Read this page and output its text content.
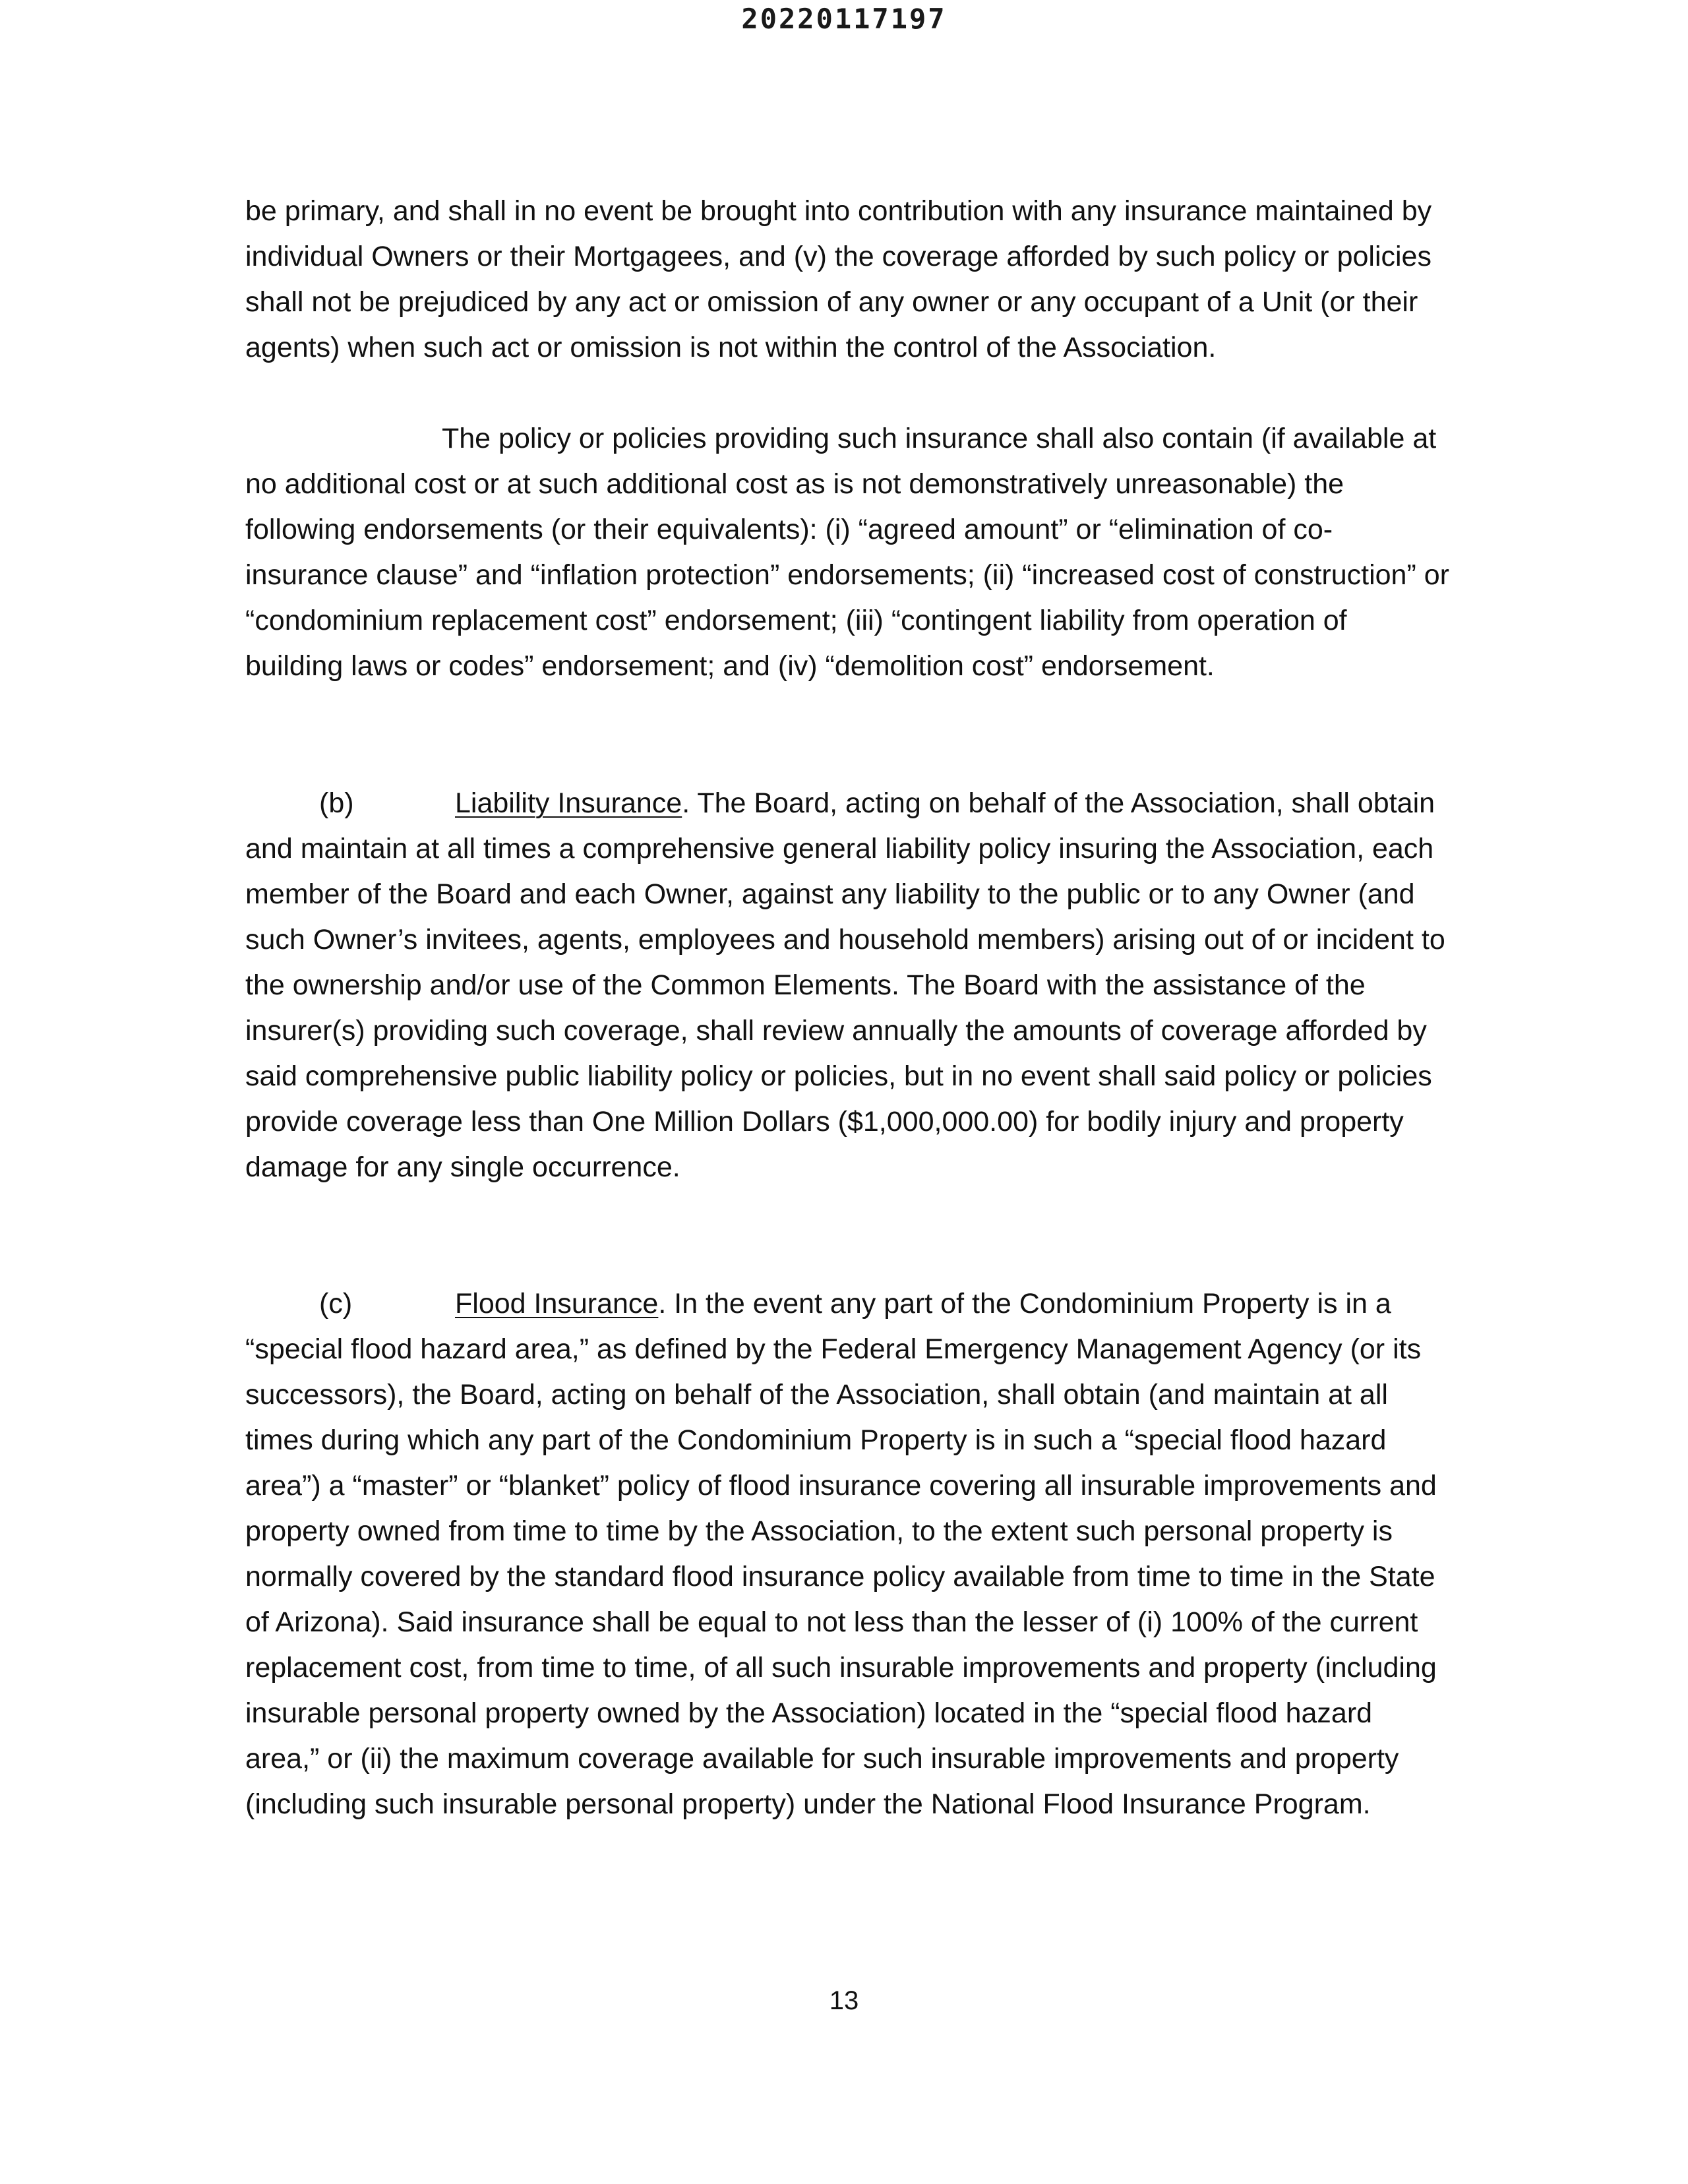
20220117197

be primary, and shall in no event be brought into contribution with any insurance maintained by individual Owners or their Mortgagees, and (v) the coverage afforded by such policy or policies shall not be prejudiced by any act or omission of any owner or any occupant of a Unit (or their agents) when such act or omission is not within the control of the Association.

The policy or policies providing such insurance shall also contain (if available at no additional cost or at such additional cost as is not demonstratively unreasonable) the following endorsements (or their equivalents): (i) “agreed amount” or “elimination of co-insurance clause” and “inflation protection” endorsements; (ii) “increased cost of construction” or “condominium replacement cost” endorsement; (iii) “contingent liability from operation of building laws or codes” endorsement; and (iv) “demolition cost” endorsement.

(b)	Liability Insurance. The Board, acting on behalf of the Association, shall obtain and maintain at all times a comprehensive general liability policy insuring the Association, each member of the Board and each Owner, against any liability to the public or to any Owner (and such Owner’s invitees, agents, employees and household members) arising out of or incident to the ownership and/or use of the Common Elements. The Board with the assistance of the insurer(s) providing such coverage, shall review annually the amounts of coverage afforded by said comprehensive public liability policy or policies, but in no event shall said policy or policies provide coverage less than One Million Dollars ($1,000,000.00) for bodily injury and property damage for any single occurrence.

(c)	Flood Insurance. In the event any part of the Condominium Property is in a “special flood hazard area,” as defined by the Federal Emergency Management Agency (or its successors), the Board, acting on behalf of the Association, shall obtain (and maintain at all times during which any part of the Condominium Property is in such a “special flood hazard area”) a “master” or “blanket” policy of flood insurance covering all insurable improvements and property owned from time to time by the Association, to the extent such personal property is normally covered by the standard flood insurance policy available from time to time in the State of Arizona). Said insurance shall be equal to not less than the lesser of (i) 100% of the current replacement cost, from time to time, of all such insurable improvements and property (including insurable personal property owned by the Association) located in the “special flood hazard area,” or (ii) the maximum coverage available for such insurable improvements and property (including such insurable personal property) under the National Flood Insurance Program.

13
